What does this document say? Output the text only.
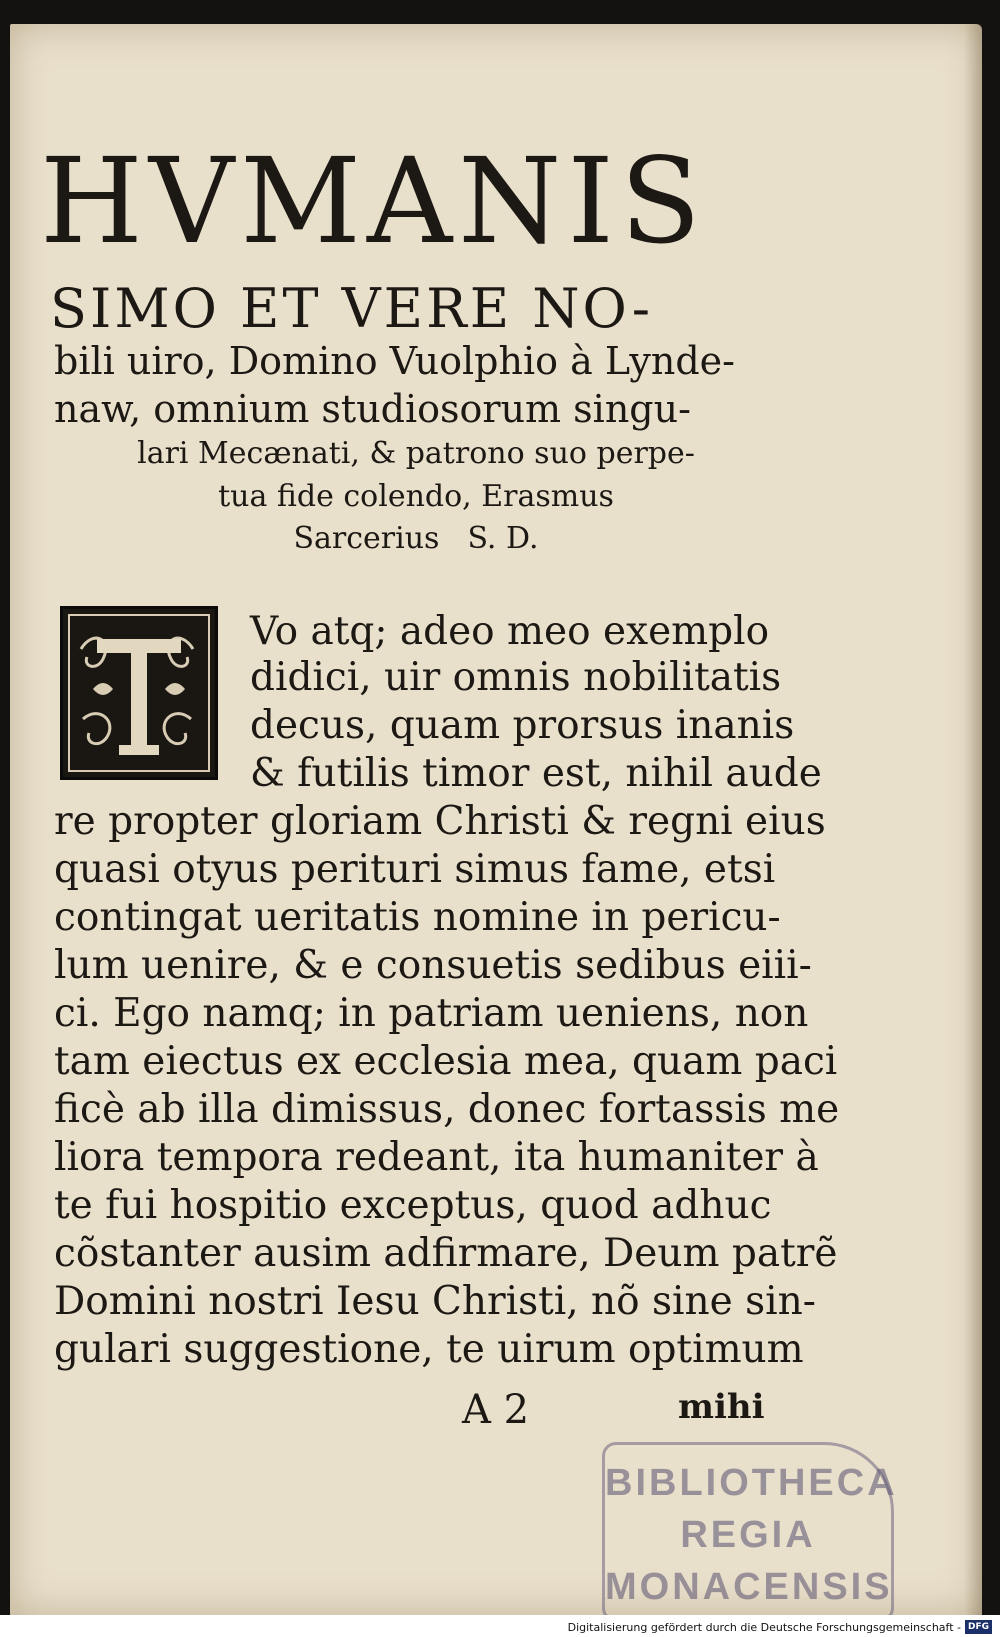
HVMANIS

SIMO ET VERE NO-

bili uiro, Domino Vuolphio à Lynde-

naw, omnium studiosorum singu-

lari Mecænati, & patrono suo perpe-

tua fide colendo, Erasmus

Sarcerius S. D.

Vo atq; adeo meo exemplo

didici, uir omnis nobilitatis

decus, quam prorsus inanis

& futilis timor est, nihil aude

re propter gloriam Christi & regni eius

quasi otyus perituri simus fame, etsi

contingat ueritatis nomine in pericu-

lum uenire, & e consuetis sedibus eiii-

ci. Ego namq; in patriam ueniens, non

tam eiectus ex ecclesia mea, quam paci

ficè ab illa dimissus, donec fortassis me

liora tempora redeant, ita humaniter à

te fui hospitio exceptus, quod adhuc

cõstanter ausim adfirmare, Deum patrẽ

Domini nostri Iesu Christi, nõ sine sin-

gulari suggestione, te uirum optimum

A 2	mihi

BIBLIOTHECA
REGIA
MONACENSIS
Digitalisierung gefördert durch die Deutsche Forschungsgemeinschaft - DFG
